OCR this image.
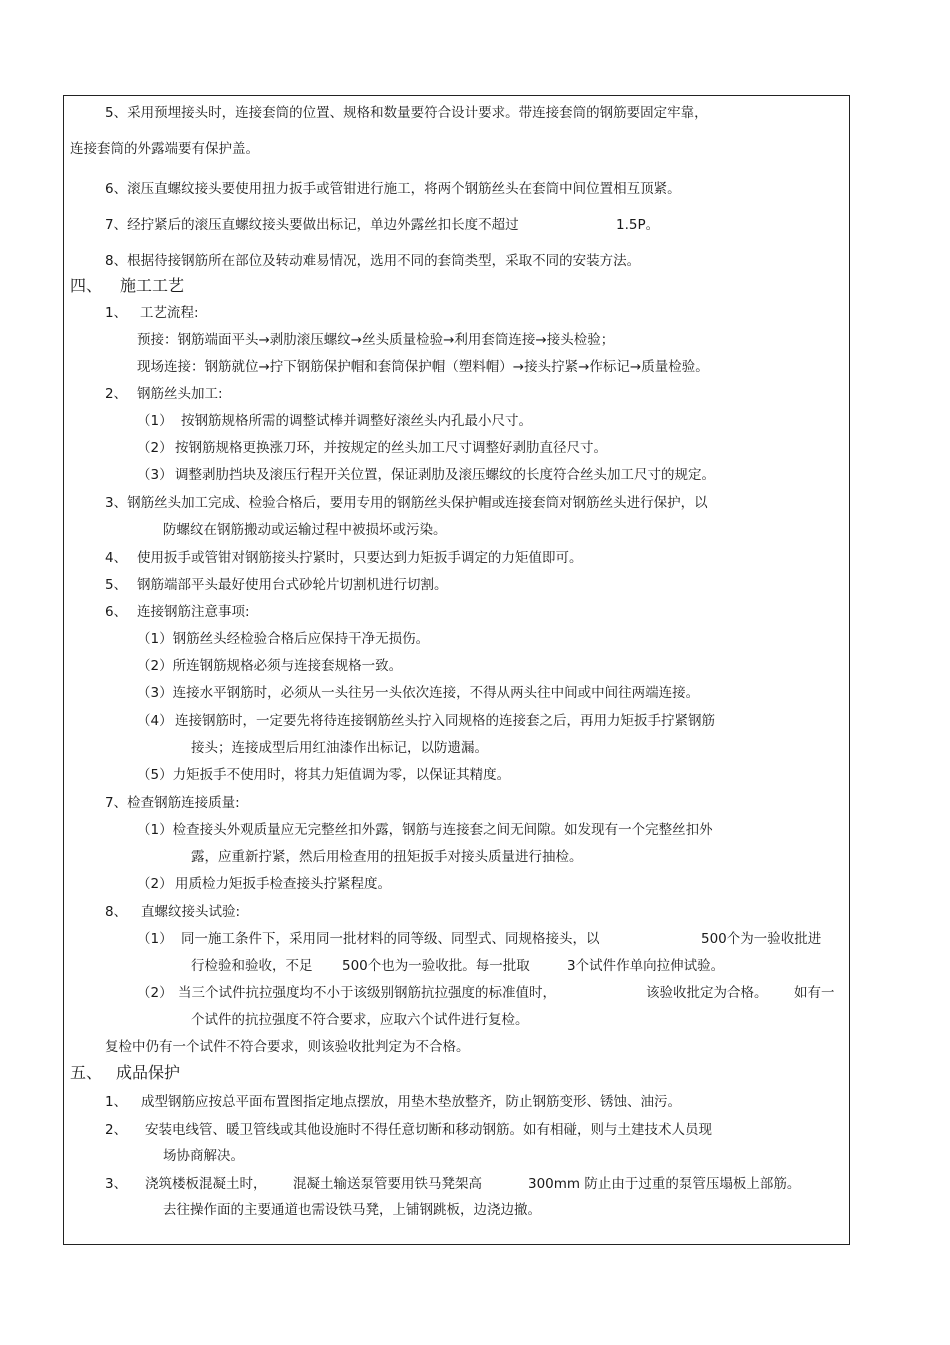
5、采用预埋接头时，连接套筒的位置、规格和数量要符合设计要求。带连接套筒的钢筋要固定牢靠，
连接套筒的外露端要有保护盖。
6、滚压直螺纹接头要使用扭力扳手或管钳进行施工，将两个钢筋丝头在套筒中间位置相互顶紧。
7、经拧紧后的滚压直螺纹接头要做出标记，单边外露丝扣长度不超过	1.5P。
8、根据待接钢筋所在部位及转动难易情况，选用不同的套筒类型，采取不同的安装方法。
四、 施工工艺
1、 工艺流程:
预接：钢筋端面平头→剥肋滚压螺纹→丝头质量检验→利用套筒连接→接头检验；
现场连接：钢筋就位→拧下钢筋保护帽和套筒保护帽（塑料帽）→接头拧紧→作标记→质量检验。
2、 钢筋丝头加工:
（1） 按钢筋规格所需的调整试棒并调整好滚丝头内孔最小尺寸。
（2） 按钢筋规格更换涨刀环，并按规定的丝头加工尺寸调整好剥肋直径尺寸。
（3） 调整剥肋挡块及滚压行程开关位置，保证剥肋及滚压螺纹的长度符合丝头加工尺寸的规定。
3、钢筋丝头加工完成、检验合格后，要用专用的钢筋丝头保护帽或连接套筒对钢筋丝头进行保护，以
防螺纹在钢筋搬动或运输过程中被损坏或污染。
4、 使用扳手或管钳对钢筋接头拧紧时，只要达到力矩扳手调定的力矩值即可。
5、 钢筋端部平头最好使用台式砂轮片切割机进行切割。
6、 连接钢筋注意事项:
（1）钢筋丝头经检验合格后应保持干净无损伤。
（2）所连钢筋规格必须与连接套规格一致。
（3）连接水平钢筋时，必须从一头往另一头依次连接，不得从两头往中间或中间往两端连接。
（4） 连接钢筋时，一定要先将待连接钢筋丝头拧入同规格的连接套之后，再用力矩扳手拧紧钢筋
接头；连接成型后用红油漆作出标记，以防遗漏。
（5）力矩扳手不使用时，将其力矩值调为零，以保证其精度。
7、检查钢筋连接质量:
（1）检查接头外观质量应无完整丝扣外露，钢筋与连接套之间无间隙。如发现有一个完整丝扣外
露，应重新拧紧，然后用检查用的扭矩扳手对接头质量进行抽检。
（2） 用质检力矩扳手检查接头拧紧程度。
8、 直螺纹接头试验:
（1） 同一施工条件下，采用同一批材料的同等级、同型式、同规格接头，以	500个为一验收批进
行检验和验收，不足 500个也为一验收批。每一批取	3个试件作单向拉伸试验。
（2） 当三个试件抗拉强度均不小于该级别钢筋抗拉强度的标准值时，	该验收批定为合格。 如有一
个试件的抗拉强度不符合要求，应取六个试件进行复检。
复检中仍有一个试件不符合要求，则该验收批判定为不合格。
五、 成品保护
1、 成型钢筋应按总平面布置图指定地点摆放，用垫木垫放整齐，防止钢筋变形、锈蚀、油污。
2、 安装电线管、暖卫管线或其他设施时不得任意切断和移动钢筋。如有相碰，则与土建技术人员现
场协商解决。
3、 浇筑楼板混凝土时， 混凝土输送泵管要用铁马凳架高	300mm 防止由于过重的泵管压塌板上部筋。
去往操作面的主要通道也需设铁马凳，上铺钢跳板，边浇边撤。
